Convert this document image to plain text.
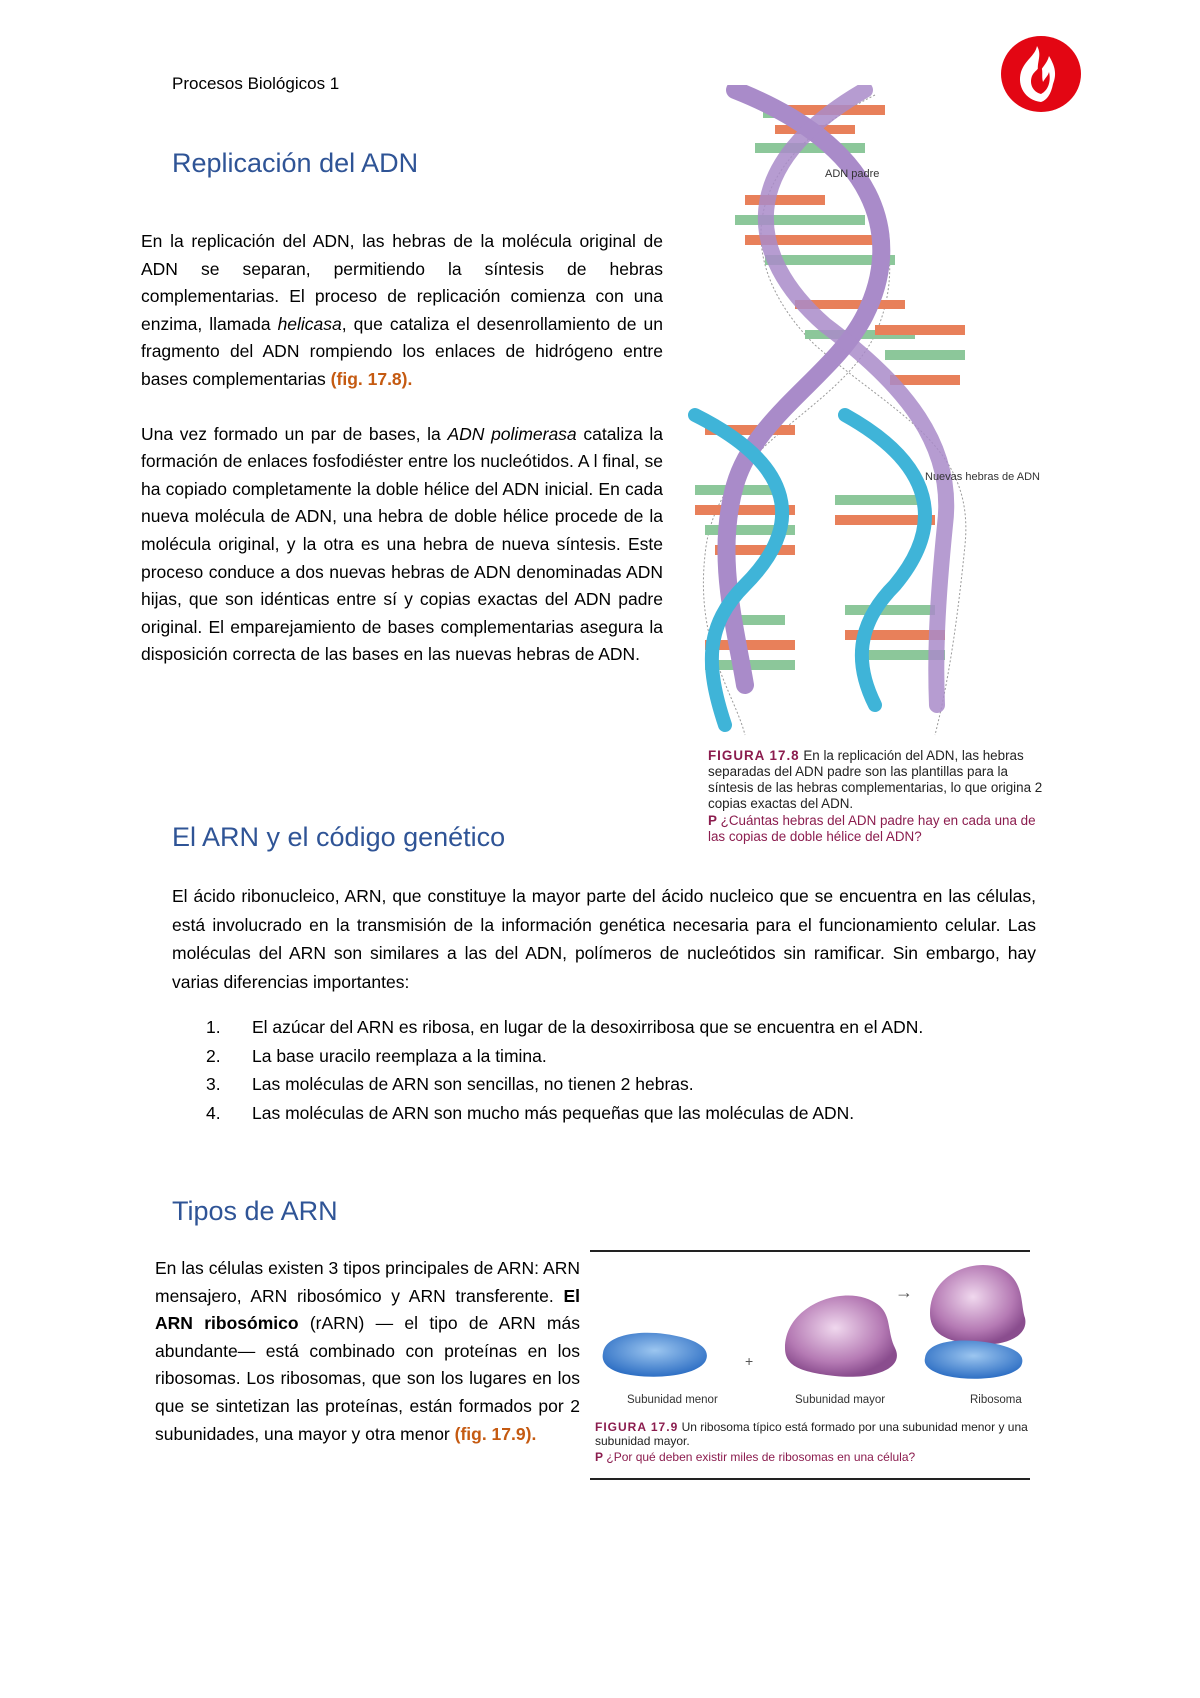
Procesos Biológicos 1
Replicación del ADN

En la replicación del ADN, las hebras de la molécula original de ADN se separan, permitiendo la síntesis de hebras complementarias. El proceso de replicación comienza con una enzima, llamada helicasa, que cataliza el desenrollamiento de un fragmento del ADN rompiendo los enlaces de hidrógeno entre bases complementarias (fig. 17.8).

Una vez formado un par de bases, la ADN polimerasa cataliza la formación de enlaces fosfodiéster entre los nucleótidos. A l final, se ha copiado completamente la doble hélice del ADN inicial. En cada nueva molécula de ADN, una hebra de doble hélice procede de la molécula original, y la otra es una hebra de nueva síntesis. Este proceso conduce a dos nuevas hebras de ADN denominadas ADN hijas, que son idénticas entre sí y copias exactas del ADN padre original. El emparejamiento de bases complementarias asegura la disposición correcta de las bases en las nuevas hebras de ADN.

ADN padre
Nuevas hebras de ADN
FIGURA 17.8 En la replicación del ADN, las hebras separadas del ADN padre son las plantillas para la síntesis de las hebras complementarias, lo que origina 2 copias exactas del ADN.
P ¿Cuántas hebras del ADN padre hay en cada una de las copias de doble hélice del ADN?
El ARN y el código genético

El ácido ribonucleico, ARN, que constituye la mayor parte del ácido nucleico que se encuentra en las células, está involucrado en la transmisión de la información genética necesaria para el funcionamiento celular. Las moléculas del ARN son similares a las del ADN, polímeros de nucleótidos sin ramificar. Sin embargo, hay varias diferencias importantes:

1. El azúcar del ARN es ribosa, en lugar de la desoxirribosa que se encuentra en el ADN.
2. La base uracilo reemplaza a la timina.
3. Las moléculas de ARN son sencillas, no tienen 2 hebras.
4. Las moléculas de ARN son mucho más pequeñas que las moléculas de ADN.
Tipos de ARN

En las células existen 3 tipos principales de ARN: ARN mensajero, ARN ribosómico y ARN transferente. El ARN ribosómico (rARN) — el tipo de ARN más abundante— está combinado con proteínas en los ribosomas. Los ribosomas, que son los lugares en los que se sintetizan las proteínas, están formados por 2 subunidades, una mayor y otra menor (fig. 17.9).

+
→
Subunidad menor	Subunidad mayor	Ribosoma
FIGURA 17.9 Un ribosoma típico está formado por una subunidad menor y una subunidad mayor.
P ¿Por qué deben existir miles de ribosomas en una célula?
